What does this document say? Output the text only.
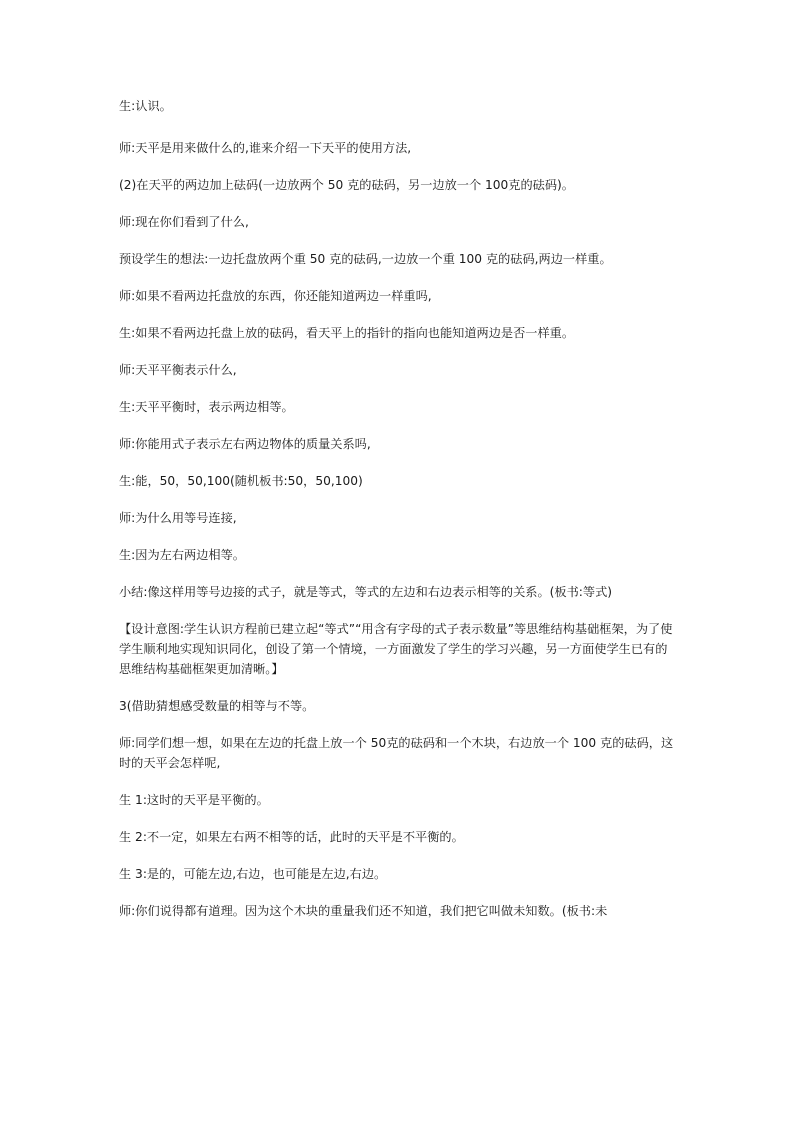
生:认识。

师:天平是用来做什么的,谁来介绍一下天平的使用方法,

(2)在天平的两边加上砝码(一边放两个 50 克的砝码，另一边放一个 100克的砝码)。

师:现在你们看到了什么,

预设学生的想法:一边托盘放两个重 50 克的砝码,一边放一个重 100 克的砝码,两边一样重。

师:如果不看两边托盘放的东西，你还能知道两边一样重吗,

生:如果不看两边托盘上放的砝码，看天平上的指针的指向也能知道两边是否一样重。

师:天平平衡表示什么,

生:天平平衡时，表示两边相等。

师:你能用式子表示左右两边物体的质量关系吗,

生:能，50，50,100(随机板书:50，50,100)

师:为什么用等号连接,

生:因为左右两边相等。

小结:像这样用等号边接的式子，就是等式，等式的左边和右边表示相等的关系。(板书:等式)

【设计意图:学生认识方程前已建立起“等式”“用含有字母的式子表示数量”等思维结构基础框架，为了使学生顺利地实现知识同化，创设了第一个情境，一方面激发了学生的学习兴趣，另一方面使学生已有的思维结构基础框架更加清晰。】

3(借助猜想感受数量的相等与不等。

师:同学们想一想，如果在左边的托盘上放一个 50克的砝码和一个木块，右边放一个 100 克的砝码，这时的天平会怎样呢,

生 1:这时的天平是平衡的。

生 2:不一定，如果左右两不相等的话，此时的天平是不平衡的。

生 3:是的，可能左边,右边，也可能是左边,右边。

师:你们说得都有道理。因为这个木块的重量我们还不知道，我们把它叫做未知数。(板书:未
